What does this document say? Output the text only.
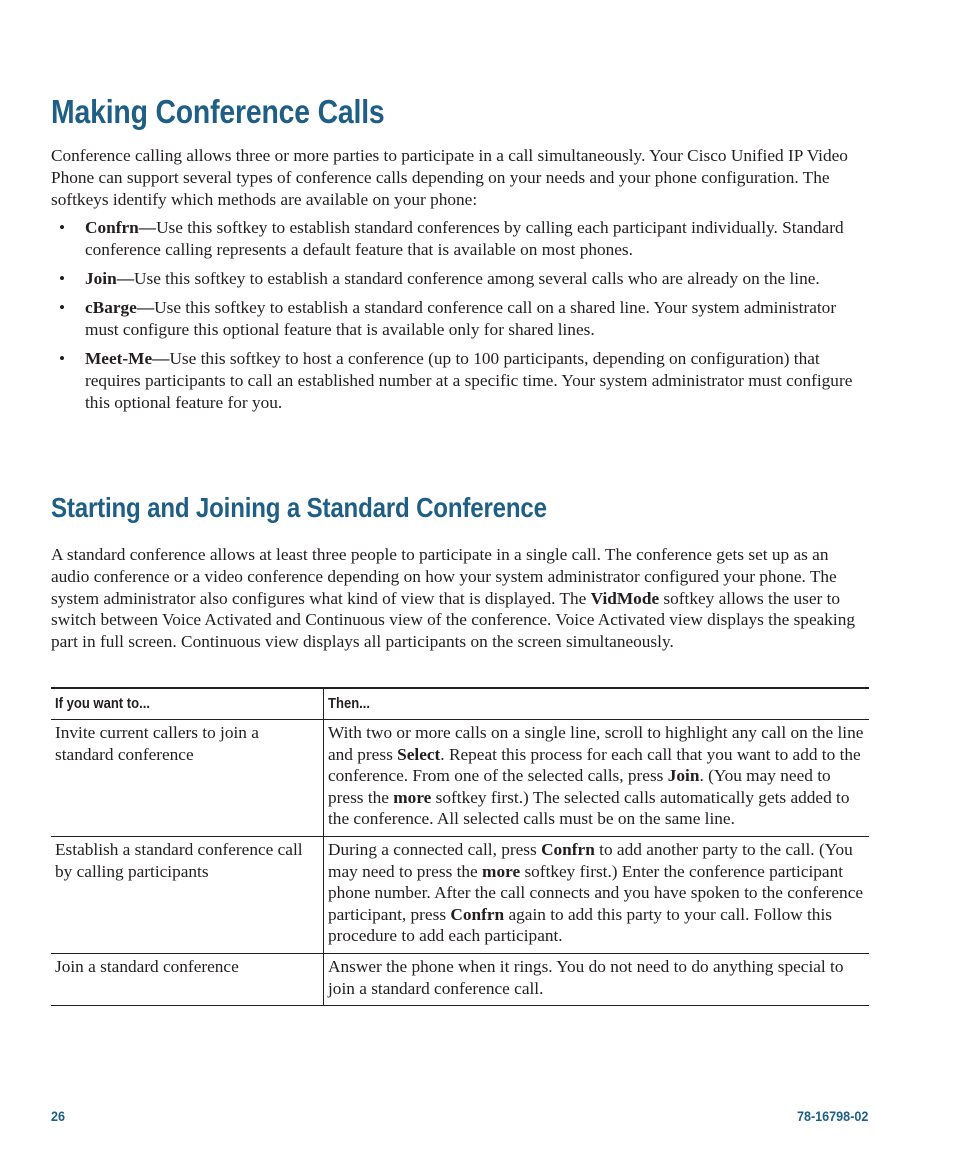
Making Conference Calls

Conference calling allows three or more parties to participate in a call simultaneously. Your Cisco Unified IP Video Phone can support several types of conference calls depending on your needs and your phone configuration. The softkeys identify which methods are available on your phone:

• Confrn—Use this softkey to establish standard conferences by calling each participant individually. Standard conference calling represents a default feature that is available on most phones.
• Join—Use this softkey to establish a standard conference among several calls who are already on the line.
• cBarge—Use this softkey to establish a standard conference call on a shared line. Your system administrator must configure this optional feature that is available only for shared lines.
• Meet-Me—Use this softkey to host a conference (up to 100 participants, depending on configuration) that requires participants to call an established number at a specific time. Your system administrator must configure this optional feature for you.
Starting and Joining a Standard Conference

A standard conference allows at least three people to participate in a single call. The conference gets set up as an audio conference or a video conference depending on how your system administrator configured your phone. The system administrator also configures what kind of view that is displayed. The VidMode softkey allows the user to switch between Voice Activated and Continuous view of the conference. Voice Activated view displays the speaking part in full screen. Continuous view displays all participants on the screen simultaneously.

If you want to...	Then...
Invite current callers to join a standard conference	With two or more calls on a single line, scroll to highlight any call on the line and press Select. Repeat this process for each call that you want to add to the conference. From one of the selected calls, press Join. (You may need to press the more softkey first.) The selected calls automatically gets added to the conference. All selected calls must be on the same line.
Establish a standard conference call by calling participants	During a connected call, press Confrn to add another party to the call. (You may need to press the more softkey first.) Enter the conference participant phone number. After the call connects and you have spoken to the conference participant, press Confrn again to add this party to your call. Follow this procedure to add each participant.
Join a standard conference	Answer the phone when it rings. You do not need to do anything special to join a standard conference call.
26	78-16798-02
